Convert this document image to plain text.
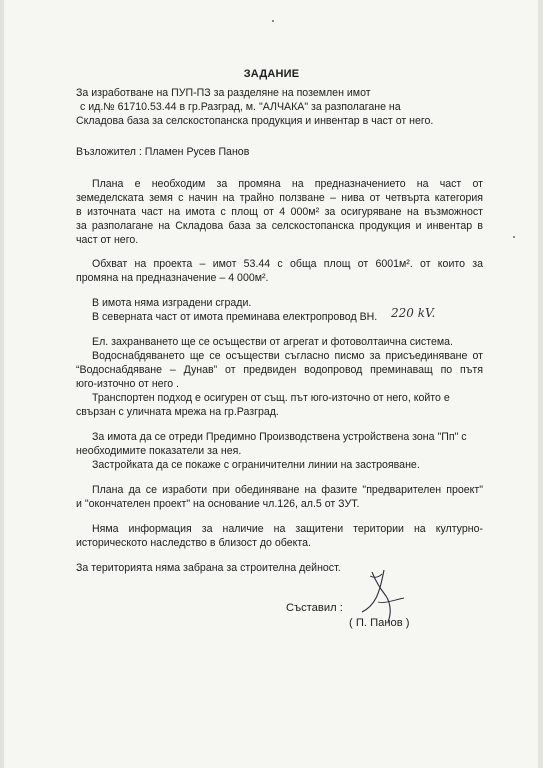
ЗАДАНИЕ
За изработване на ПУП-ПЗ за разделяне на поземлен имот
с ид.№ 61710.53.44 в гр.Разград, м. "АЛЧАКА" за разполагане на
Складова база за селскостопанска продукция и инвентар в част от него.
Възложител : Пламен Русев Панов
Плана е необходим за промяна на предназначението на част от
земеделската земя с начин на трайно ползване – нива от четвърта категория
в източната част на имота с площ от 4 000м² за осигуряване на възможност
за разполагане на Складова база за селскостопанска продукция и инвентар в
част от него.
Обхват на проекта – имот 53.44 с обща площ от 6001м². от които за
промяна на предназначение – 4 000м².
В имота няма изградени сгради.
В северната част от имота преминава електропровод ВН. 220 kV.
Ел. захранването ще се осъществи от агрегат и фотоволтаична система.
Водоснабдяването ще се осъществи съгласно писмо за присъединяване от
“Водоснабдяване – Дунав” от предвиден водопровод преминаващ по пътя
юго-източно от него .
Транспортен подход е осигурен от същ. път юго-източно от него, който е
свързан с уличната мрежа на гр.Разград.
За имота да се отреди Предимно Производствена устройствена зона "Пп" с
необходимите показатели за нея.
Застройката да се покаже с ограничителни линии на застрояване.
Плана да се изработи при обединяване на фазите "предварителен проект"
и "окончателен проект" на основание чл.126, ал.5 от ЗУТ.
Няма информация за наличие на защитени територии на културно-
историческото наследство в близост до обекта.
За територията няма забрана за строителна дейност.
Съставил :
( П. Панов )
